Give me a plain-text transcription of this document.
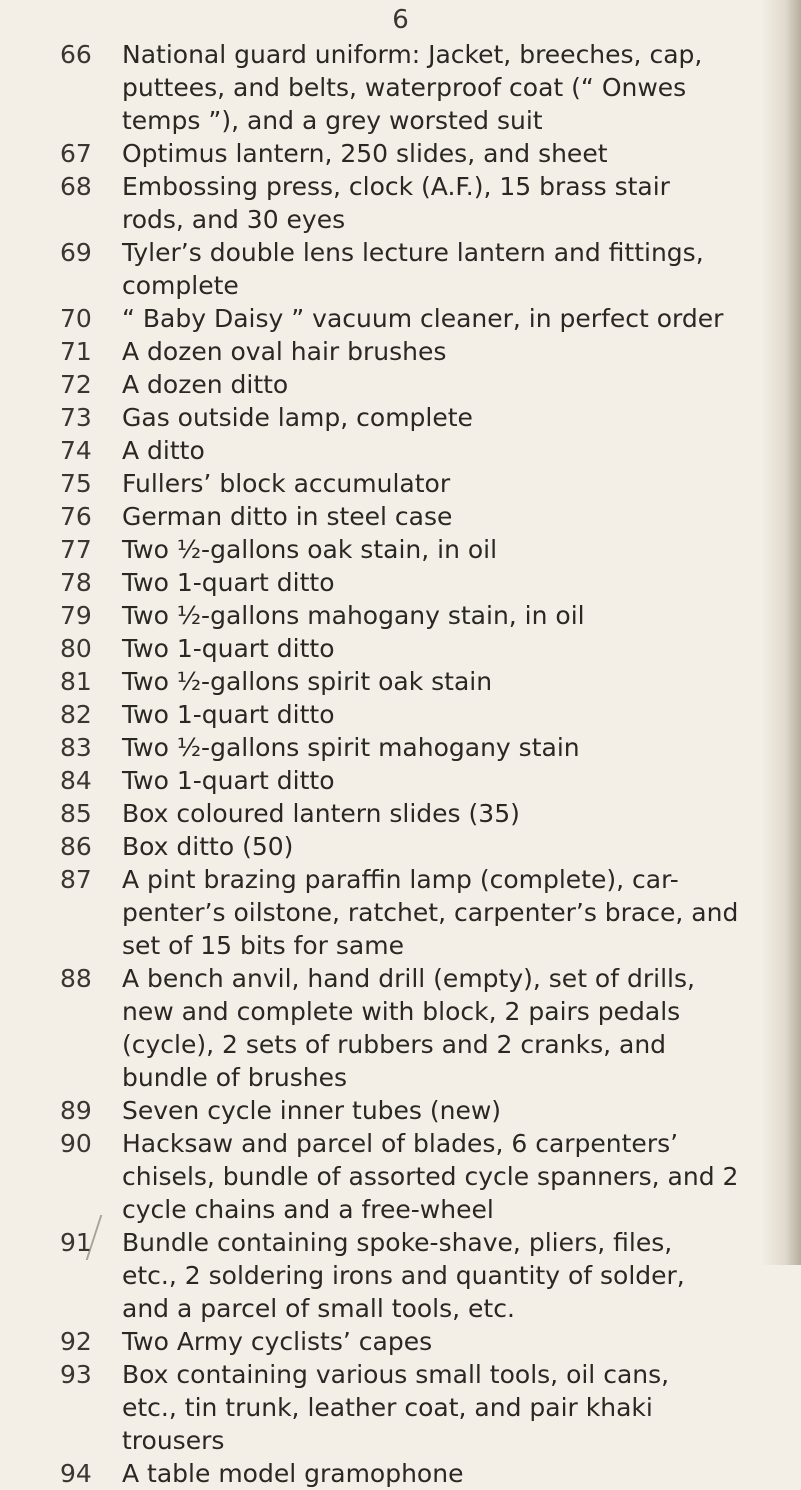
6
66	National guard uniform: Jacket, breeches, cap,
puttees, and belts, waterproof coat (“ Onwes
temps ”), and a grey worsted suit
67	Optimus lantern, 250 slides, and sheet
68	Embossing press, clock (A.F.), 15 brass stair
rods, and 30 eyes
69	Tyler’s double lens lecture lantern and fittings,
complete
70	“ Baby Daisy ” vacuum cleaner, in perfect order
71	A dozen oval hair brushes
72	A dozen ditto
73	Gas outside lamp, complete
74	A ditto
75	Fullers’ block accumulator
76	German ditto in steel case
77	Two ½-gallons oak stain, in oil
78	Two 1-quart ditto
79	Two ½-gallons mahogany stain, in oil
80	Two 1-quart ditto
81	Two ½-gallons spirit oak stain
82	Two 1-quart ditto
83	Two ½-gallons spirit mahogany stain
84	Two 1-quart ditto
85	Box coloured lantern slides (35)
86	Box ditto (50)
87	A pint brazing paraffin lamp (complete), car-
penter’s oilstone, ratchet, carpenter’s brace, and
set of 15 bits for same
88	A bench anvil, hand drill (empty), set of drills,
new and complete with block, 2 pairs pedals
(cycle), 2 sets of rubbers and 2 cranks, and
bundle of brushes
89	Seven cycle inner tubes (new)
90	Hacksaw and parcel of blades, 6 carpenters’
chisels, bundle of assorted cycle spanners, and 2
cycle chains and a free-wheel
91	Bundle containing spoke-shave, pliers, files,
etc., 2 soldering irons and quantity of solder,
and a parcel of small tools, etc.
92	Two Army cyclists’ capes
93	Box containing various small tools, oil cans,
etc., tin trunk, leather coat, and pair khaki
trousers
94	A table model gramophone
